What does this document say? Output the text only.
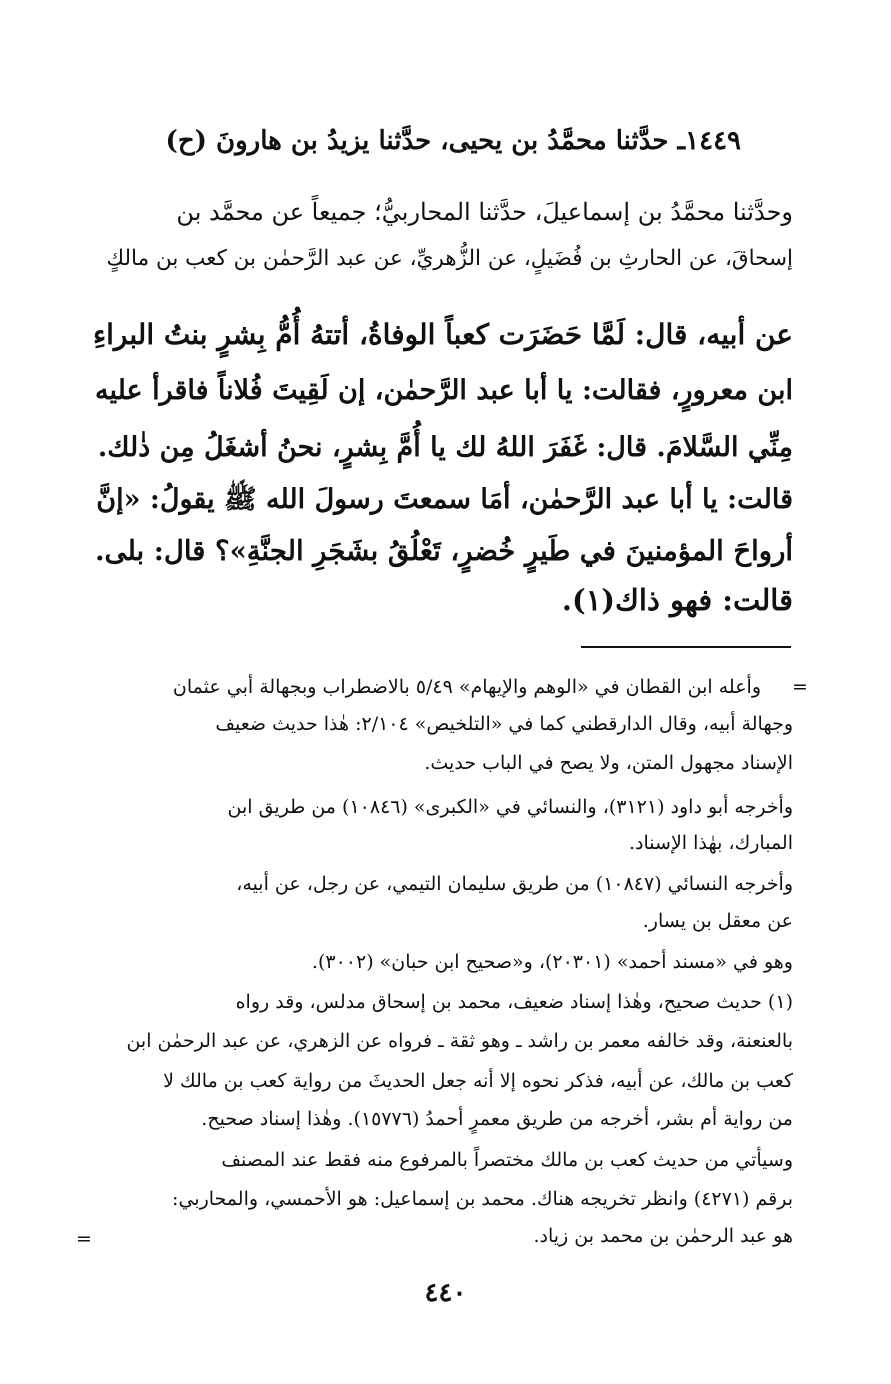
١٤٤٩ـ حدَّثنا محمَّدُ بن يحيى، حدَّثنا يزيدُ بن هارونَ (ح)
وحدَّثنا محمَّدُ بن إسماعيلَ، حدَّثنا المحاربيُّ؛ جميعاً عن محمَّد بن
إسحاقَ، عن الحارثِ بن فُضَيلٍ، عن الزُّهريِّ، عن عبد الرَّحمٰن بن كعب بن مالكٍ
عن أبيه، قال: لَمَّا حَضَرَت كعباً الوفاةُ، أتتهُ أُمُّ بِشرٍ بنتُ البراءِ
ابن معرورٍ، فقالت: يا أبا عبد الرَّحمٰن، إن لَقِيتَ فُلاناً فاقرأ عليه
مِنِّي السَّلامَ. قال: غَفَرَ اللهُ لك يا أُمَّ بِشرٍ، نحنُ أشغَلُ مِن ذٰلك.
قالت: يا أبا عبد الرَّحمٰن، أمَا سمعتَ رسولَ الله ﷺ يقولُ: «إنَّ
أرواحَ المؤمنينَ في طَيرٍ خُضرٍ، تَعْلُقُ بشَجَرِ الجنَّةِ»؟ قال: بلى.
قالت: فهو ذاك(١).
=
وأعله ابن القطان في «الوهم والإيهام» ٥/٤٩ بالاضطراب وبجهالة أبي عثمان
وجهالة أبيه، وقال الدارقطني كما في «التلخيص» ٢/١٠٤: هٰذا حديث ضعيف
الإسناد مجهول المتن، ولا يصح في الباب حديث.
وأخرجه أبو داود (٣١٢١)، والنسائي في «الكبرى» (١٠٨٤٦) من طريق ابن
المبارك، بهٰذا الإسناد.
وأخرجه النسائي (١٠٨٤٧) من طريق سليمان التيمي، عن رجل، عن أبيه،
عن معقل بن يسار.
وهو في «مسند أحمد» (٢٠٣٠١)، و«صحيح ابن حبان» (٣٠٠٢).
(١) حديث صحيح، وهٰذا إسناد ضعيف، محمد بن إسحاق مدلس، وقد رواه
بالعنعنة، وقد خالفه معمر بن راشد ـ وهو ثقة ـ فرواه عن الزهري، عن عبد الرحمٰن ابن
كعب بن مالك، عن أبيه، فذكر نحوه إلا أنه جعل الحديثَ من رواية كعب بن مالك لا
من رواية أم بشر، أخرجه من طريق معمرٍ أحمدُ (١٥٧٧٦). وهٰذا إسناد صحيح.
وسيأتي من حديث كعب بن مالك مختصراً بالمرفوع منه فقط عند المصنف
برقم (٤٢٧١) وانظر تخريجه هناك. محمد بن إسماعيل: هو الأحمسي، والمحاربي:
هو عبد الرحمٰن بن محمد بن زياد.
=
٤٤٠
